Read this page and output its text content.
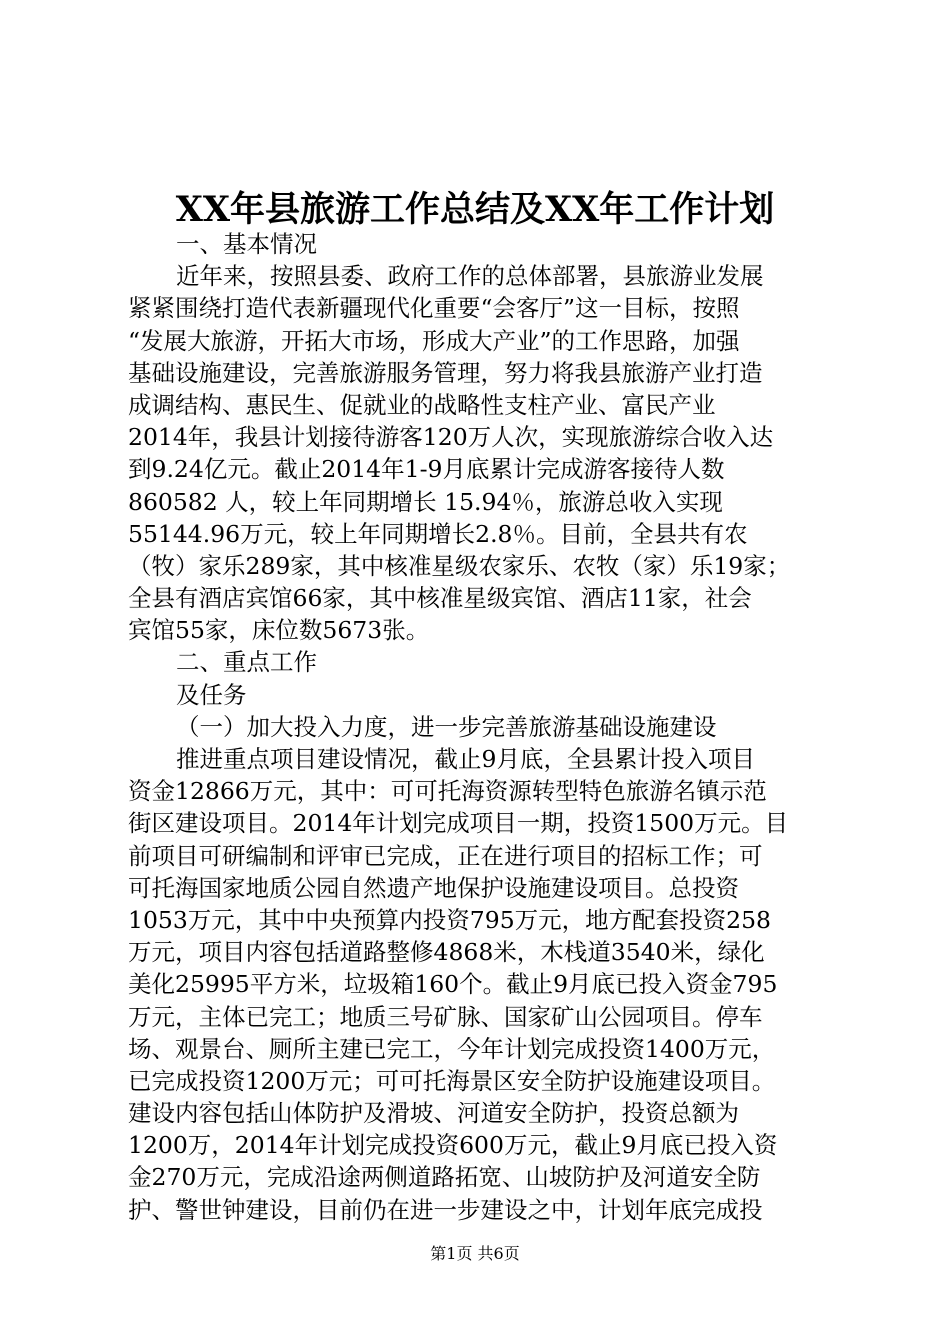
XX年县旅游工作总结及XX年工作计划
一、基本情况
近年来，按照县委、政府工作的总体部署，县旅游业发展
紧紧围绕打造代表新疆现代化重要“会客厅”这一目标，按照
“发展大旅游，开拓大市场，形成大产业”的工作思路，加强
基础设施建设，完善旅游服务管理，努力将我县旅游产业打造
成调结构、惠民生、促就业的战略性支柱产业、富民产业
2014年，我县计划接待游客120万人次，实现旅游综合收入达
到9.24亿元。截止2014年1-9月底累计完成游客接待人数
860582 人，较上年同期增长 15.94％，旅游总收入实现
55144.96万元，较上年同期增长2.8％。目前，全县共有农
（牧）家乐289家，其中核准星级农家乐、农牧（家）乐19家；
全县有酒店宾馆66家，其中核准星级宾馆、酒店11家，社会
宾馆55家，床位数5673张。
二、重点工作
及任务
（一）加大投入力度，进一步完善旅游基础设施建设
推进重点项目建设情况，截止9月底，全县累计投入项目
资金12866万元，其中：可可托海资源转型特色旅游名镇示范
街区建设项目。2014年计划完成项目一期，投资1500万元。目
前项目可研编制和评审已完成，正在进行项目的招标工作；可
可托海国家地质公园自然遗产地保护设施建设项目。总投资
1053万元，其中中央预算内投资795万元，地方配套投资258
万元，项目内容包括道路整修4868米，木栈道3540米，绿化
美化25995平方米，垃圾箱160个。截止9月底已投入资金795
万元，主体已完工；地质三号矿脉、国家矿山公园项目。停车
场、观景台、厕所主建已完工，今年计划完成投资1400万元，
已完成投资1200万元；可可托海景区安全防护设施建设项目。
建设内容包括山体防护及滑坡、河道安全防护，投资总额为
1200万，2014年计划完成投资600万元，截止9月底已投入资
金270万元，完成沿途两侧道路拓宽、山坡防护及河道安全防
护、警世钟建设，目前仍在进一步建设之中，计划年底完成投
第1页 共6页
